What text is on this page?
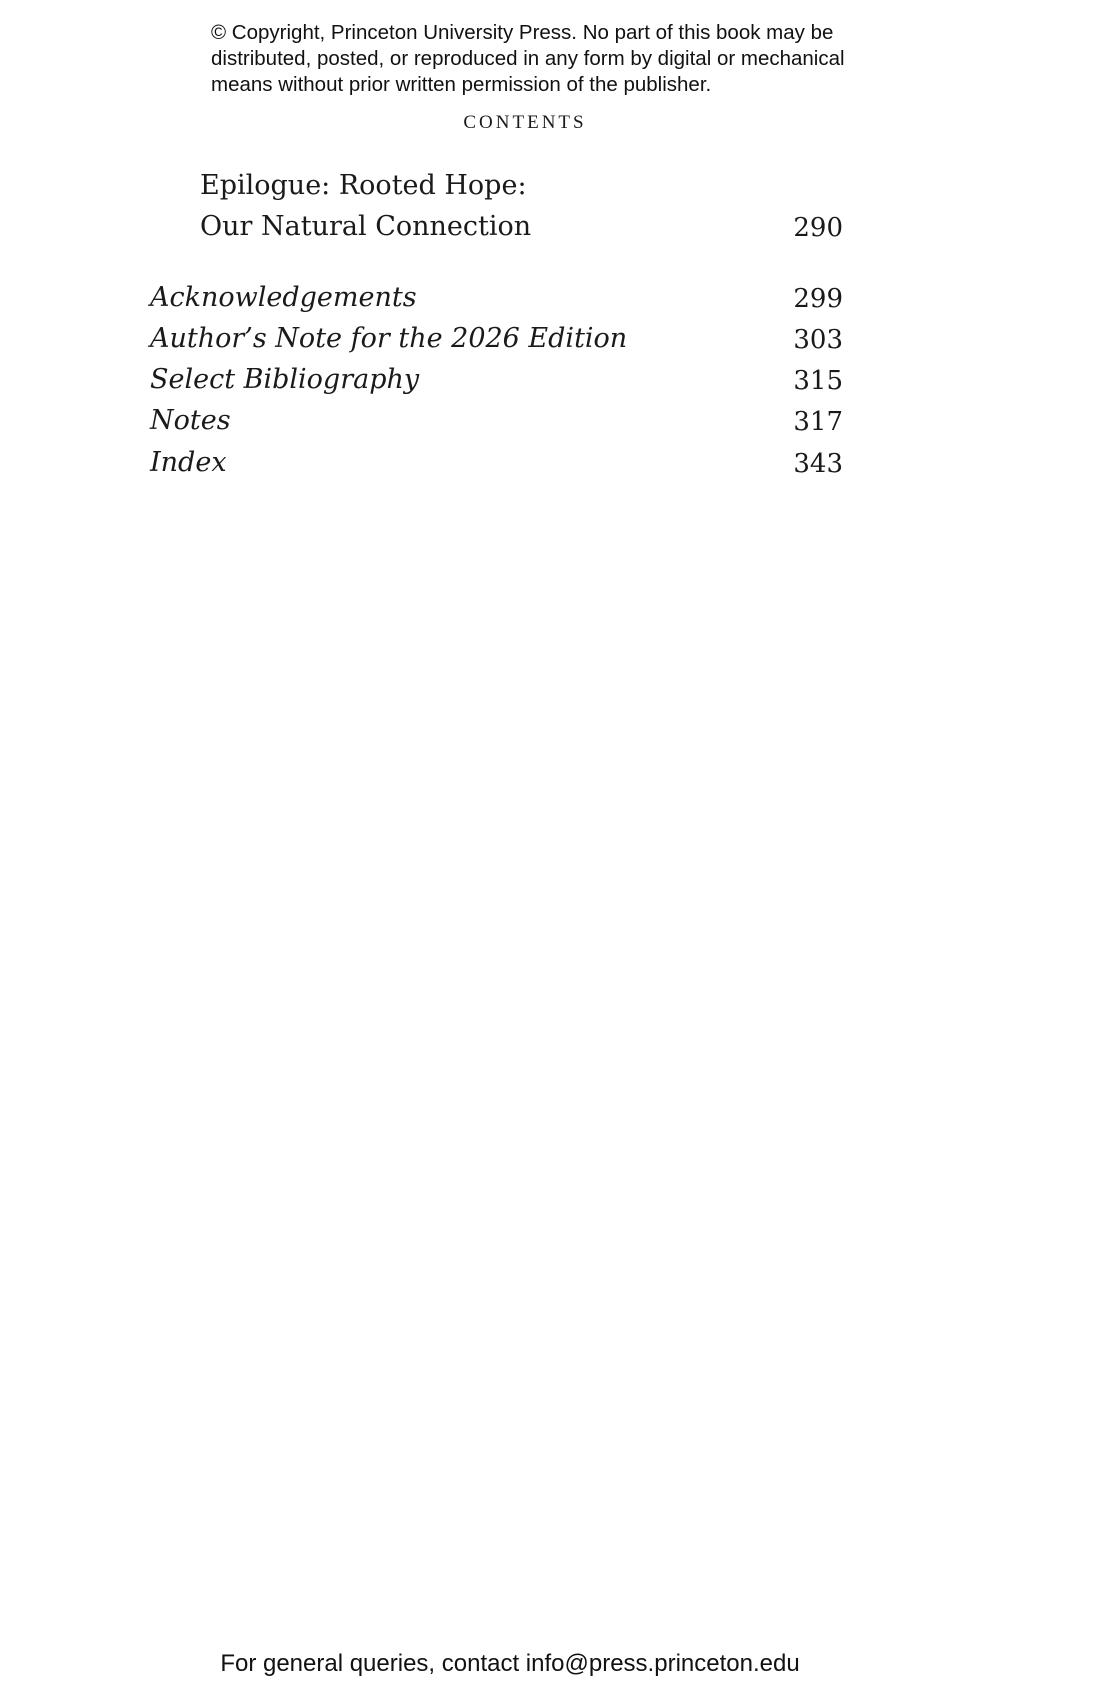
© Copyright, Princeton University Press. No part of this book may be
distributed, posted, or reproduced in any form by digital or mechanical
means without prior written permission of the publisher.
CONTENTS
Epilogue: Rooted Hope:
Our Natural Connection	290
Acknowledgements	299
Author’s Note for the 2026 Edition	303
Select Bibliography	315
Notes	317
Index	343
For general queries, contact info@press.princeton.edu
